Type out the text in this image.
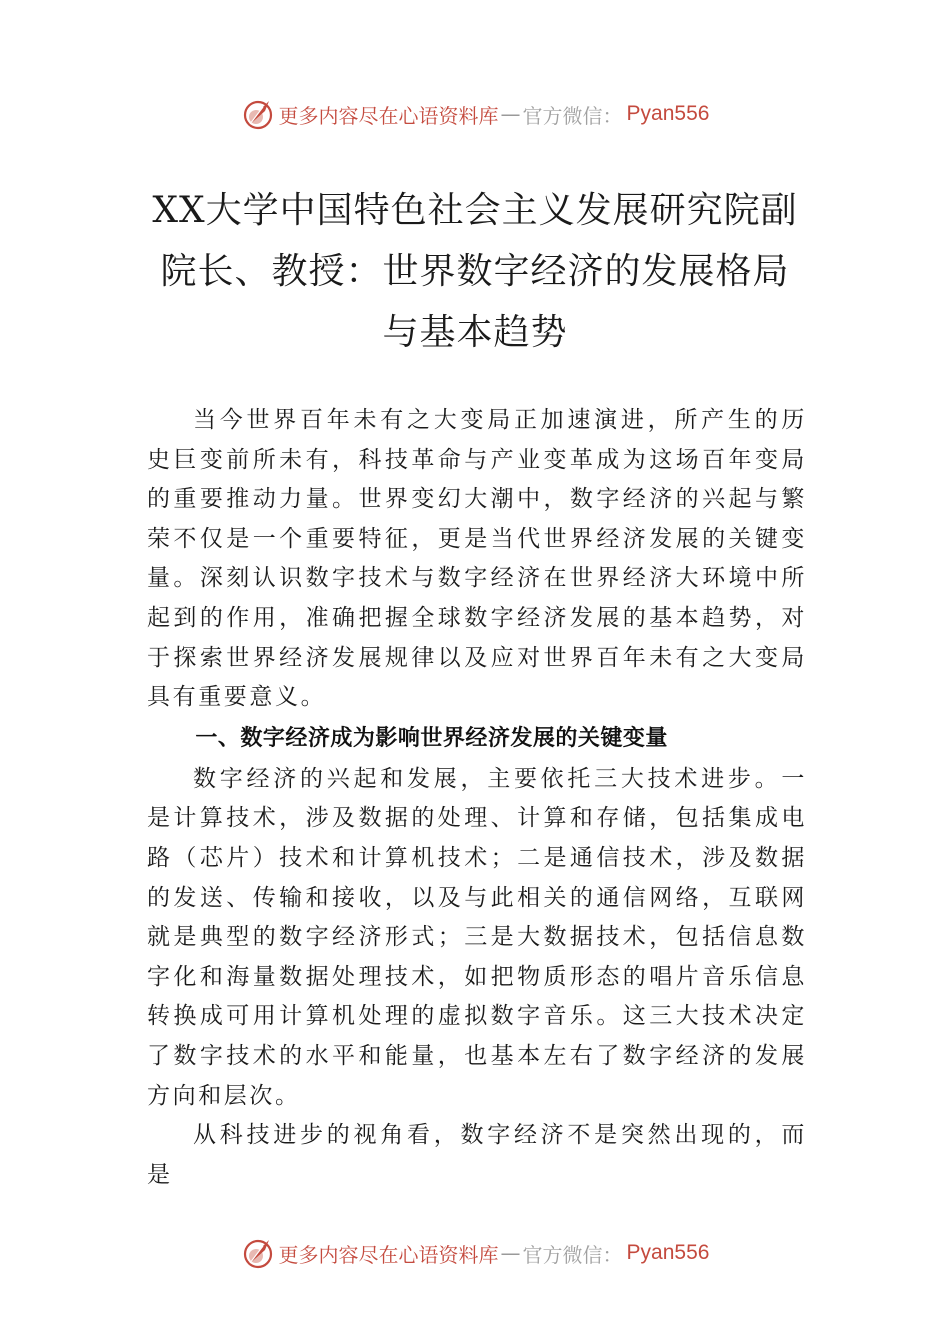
更多内容尽在心语资料库 — 官方微信： Pyan556
XX大学中国特色社会主义发展研究院副院长、教授：世界数字经济的发展格局与基本趋势

当今世界百年未有之大变局正加速演进，所产生的历史巨变前所未有，科技革命与产业变革成为这场百年变局的重要推动力量。世界变幻大潮中，数字经济的兴起与繁荣不仅是一个重要特征，更是当代世界经济发展的关键变量。深刻认识数字技术与数字经济在世界经济大环境中所起到的作用，准确把握全球数字经济发展的基本趋势，对于探索世界经济发展规律以及应对世界百年未有之大变局具有重要意义。

一、数字经济成为影响世界经济发展的关键变量

数字经济的兴起和发展，主要依托三大技术进步。一是计算技术，涉及数据的处理、计算和存储，包括集成电路（芯片）技术和计算机技术；二是通信技术，涉及数据的发送、传输和接收，以及与此相关的通信网络，互联网就是典型的数字经济形式；三是大数据技术，包括信息数字化和海量数据处理技术，如把物质形态的唱片音乐信息转换成可用计算机处理的虚拟数字音乐。这三大技术决定了数字技术的水平和能量，也基本左右了数字经济的发展方向和层次。

从科技进步的视角看，数字经济不是突然出现的，而是

更多内容尽在心语资料库 — 官方微信： Pyan556
